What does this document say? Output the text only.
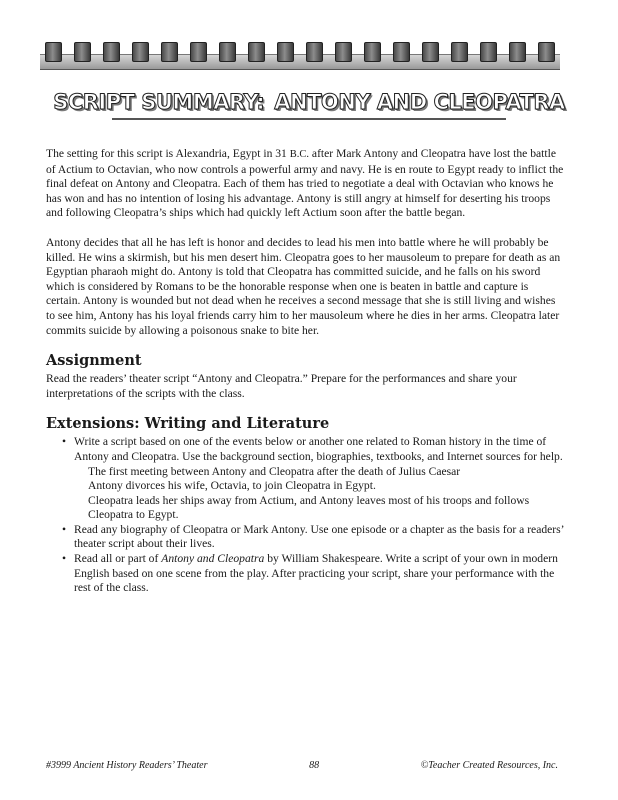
SCRIPT SUMMARY: ANTONY AND CLEOPATRA

The setting for this script is Alexandria, Egypt in 31 B.C. after Mark Antony and Cleopatra have lost the battle of Actium to Octavian, who now controls a powerful army and navy. He is en route to Egypt ready to inflict the final defeat on Antony and Cleopatra. Each of them has tried to negotiate a deal with Octavian who knows he has won and has no intention of losing his advantage. Antony is still angry at himself for deserting his troops and following Cleopatra’s ships which had quickly left Actium soon after the battle began.

Antony decides that all he has left is honor and decides to lead his men into battle where he will probably be killed. He wins a skirmish, but his men desert him. Cleopatra goes to her mausoleum to prepare for death as an Egyptian pharaoh might do. Antony is told that Cleopatra has committed suicide, and he falls on his sword which is considered by Romans to be the honorable response when one is beaten in battle and capture is certain. Antony is wounded but not dead when he receives a second message that she is still living and wishes to see him, Antony has his loyal friends carry him to her mausoleum where he dies in her arms. Cleopatra later commits suicide by allowing a poisonous snake to bite her.

Assignment

Read the readers’ theater script “Antony and Cleopatra.” Prepare for the performances and share your interpretations of the scripts with the class.

Extensions: Writing and Literature

• Write a script based on one of the events below or another one related to Roman history in the time of Antony and Cleopatra. Use the background section, biographies, textbooks, and Internet sources for help.

The first meeting between Antony and Cleopatra after the death of Julius Caesar

Antony divorces his wife, Octavia, to join Cleopatra in Egypt.

Cleopatra leads her ships away from Actium, and Antony leaves most of his troops and follows Cleopatra to Egypt.

• Read any biography of Cleopatra or Mark Antony. Use one episode or a chapter as the basis for a readers’ theater script about their lives.

• Read all or part of Antony and Cleopatra by William Shakespeare. Write a script of your own in modern English based on one scene from the play. After practicing your script, share your performance with the rest of the class.

#3999 Ancient History Readers’ Theater	88	©Teacher Created Resources, Inc.
